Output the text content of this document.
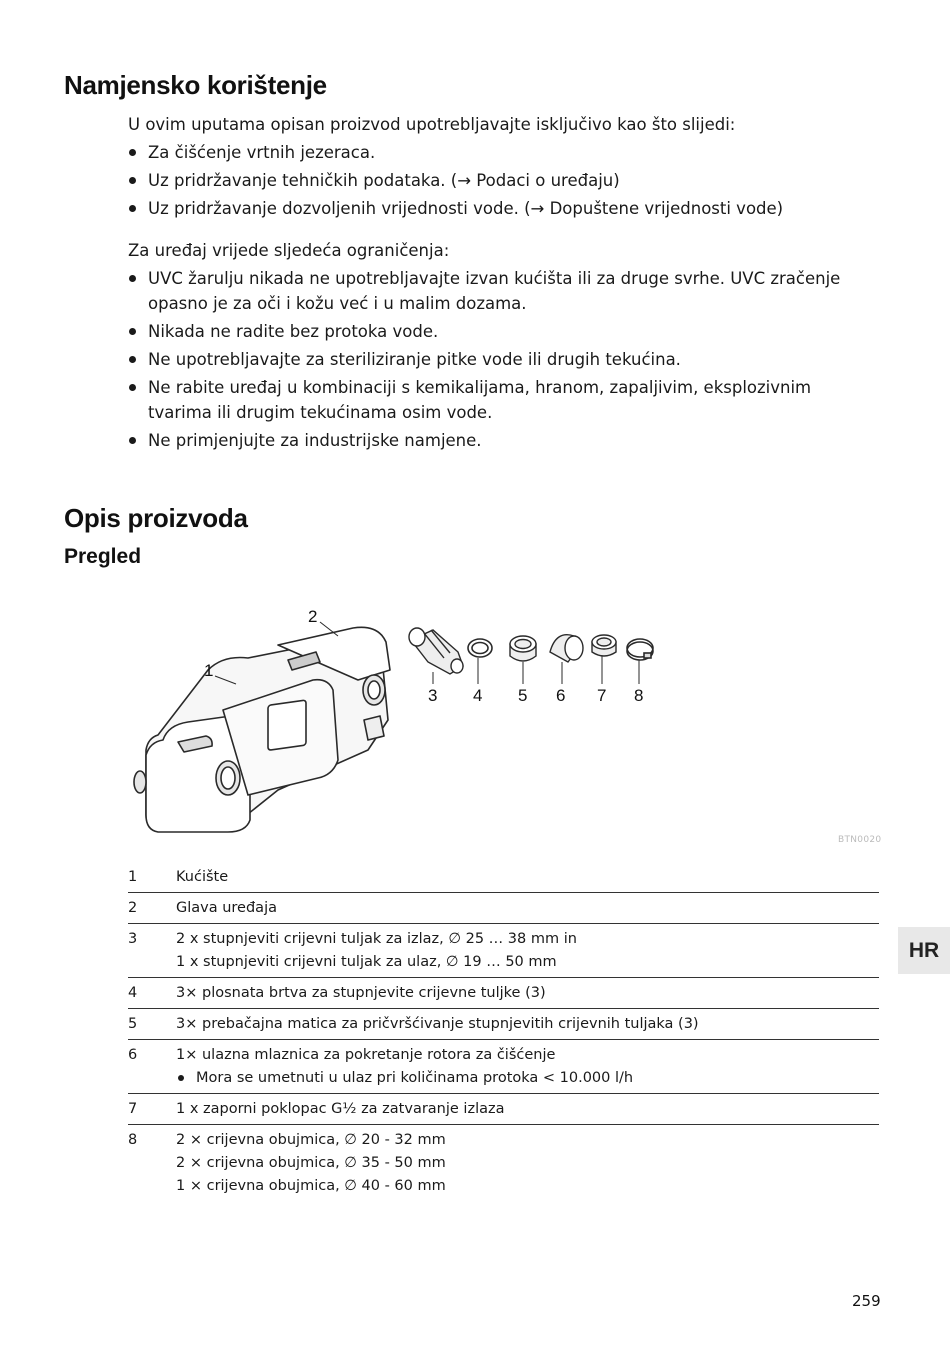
Namjensko korištenje

U ovim uputama opisan proizvod upotrebljavajte isključivo kao što slijedi:

Za čišćenje vrtnih jezeraca.
Uz pridržavanje tehničkih podataka. (→ Podaci o uređaju)
Uz pridržavanje dozvoljenih vrijednosti vode. (→ Dopuštene vrijednosti vode)

Za uređaj vrijede sljedeća ograničenja:

UVC žarulju nikada ne upotrebljavajte izvan kućišta ili za druge svrhe. UVC zračenje opasno je za oči i kožu već i u malim dozama.
Nikada ne radite bez protoka vode.
Ne upotrebljavajte za steriliziranje pitke vode ili drugih tekućina.
Ne rabite uređaj u kombinaciji s kemikalijama, hranom, zapaljivim, eksplozivnim tvarima ili drugim tekućinama osim vode.
Ne primjenjujte za industrijske namjene.
Opis proizvoda
Pregled
1
2
3 4 5 6 7 8
BTN0020
1	Kućište
2	Glava uređaja
3	2 x stupnjeviti crijevni tuljak za izlaz, ∅ 25 … 38 mm in
1 x stupnjeviti crijevni tuljak za ulaz, ∅ 19 … 50 mm
4	3× plosnata brtva za stupnjevite crijevne tuljke (3)
5	3× prebačajna matica za pričvršćivanje stupnjevitih crijevnih tuljaka (3)
6	1× ulazna mlaznica za pokretanje rotora za čišćenje
Mora se umetnuti u ulaz pri količinama protoka < 10.000 l/h
7	1 x zaporni poklopac G½ za zatvaranje izlaza
8	2 × crijevna obujmica, ∅ 20 - 32 mm
2 × crijevna obujmica, ∅ 35 - 50 mm
1 × crijevna obujmica, ∅ 40 - 60 mm
HR
259
